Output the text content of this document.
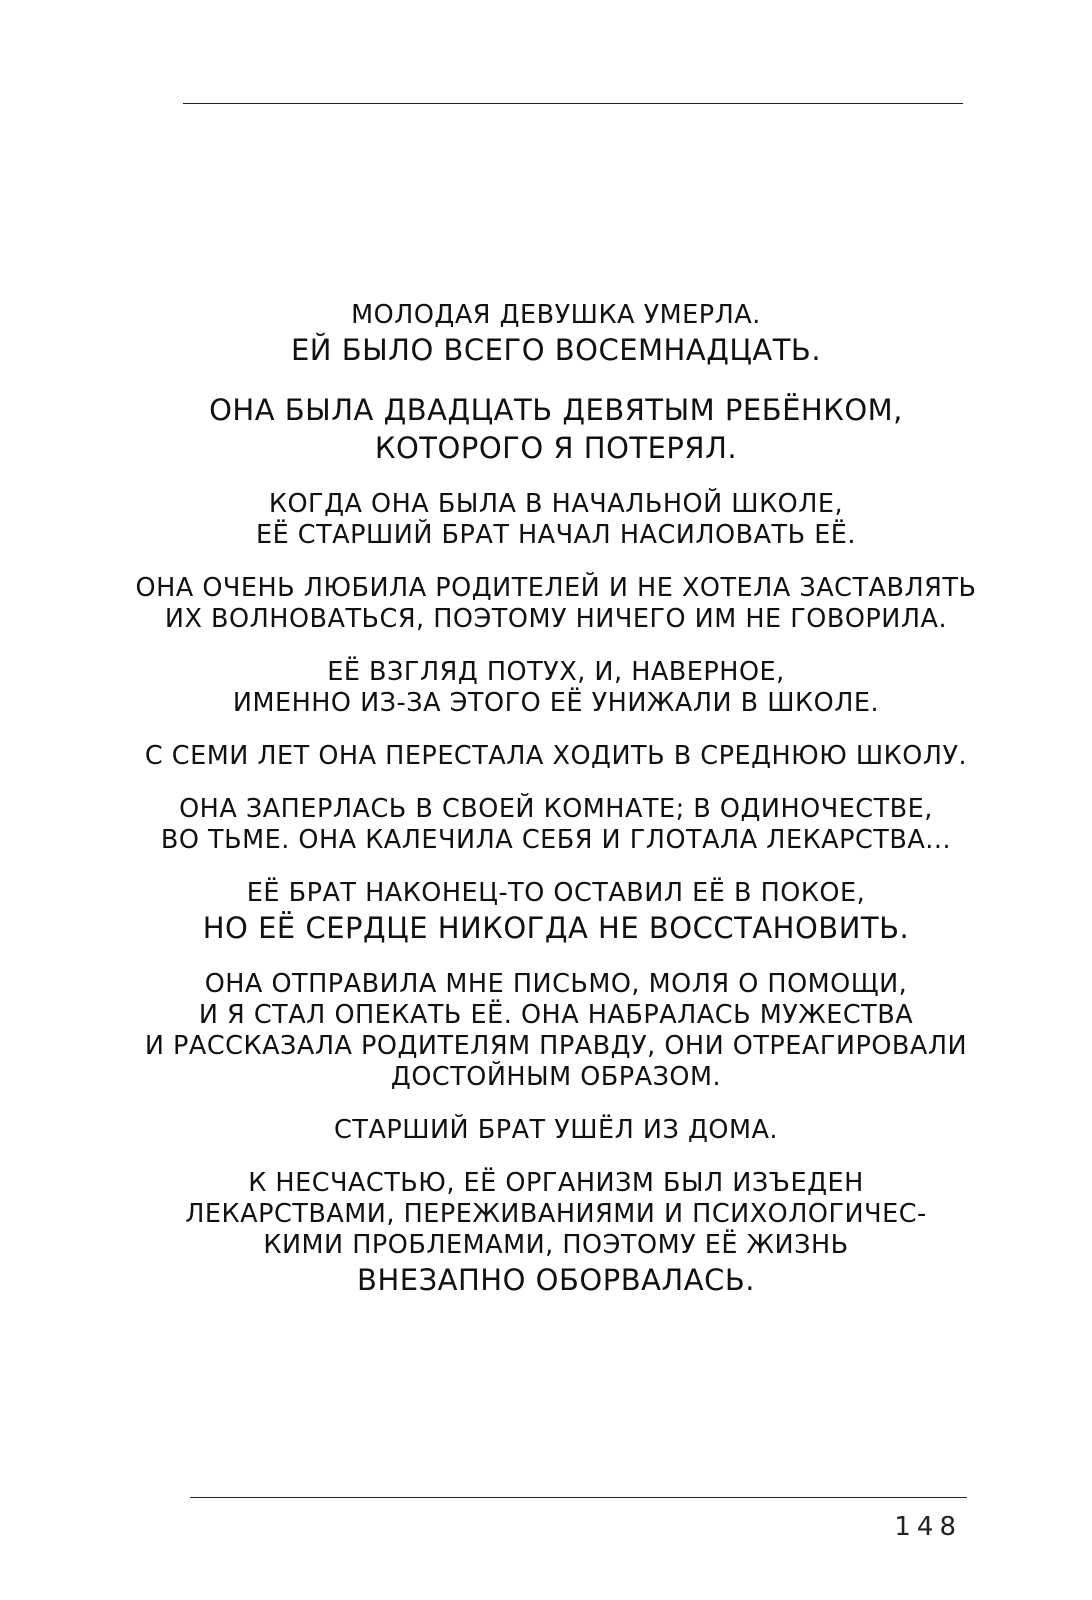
МОЛОДАЯ ДЕВУШКА УМЕРЛА.
ЕЙ БЫЛО ВСЕГО ВОСЕМНАДЦАТЬ.

ОНА БЫЛА ДВАДЦАТЬ ДЕВЯТЫМ РЕБЁНКОМ,
КОТОРОГО Я ПОТЕРЯЛ.

КОГДА ОНА БЫЛА В НАЧАЛЬНОЙ ШКОЛЕ,
ЕЁ СТАРШИЙ БРАТ НАЧАЛ НАСИЛОВАТЬ ЕЁ.

ОНА ОЧЕНЬ ЛЮБИЛА РОДИТЕЛЕЙ И НЕ ХОТЕЛА ЗАСТАВЛЯТЬ
ИХ ВОЛНОВАТЬСЯ, ПОЭТОМУ НИЧЕГО ИМ НЕ ГОВОРИЛА.

ЕЁ ВЗГЛЯД ПОТУХ, И, НАВЕРНОЕ,
ИМЕННО ИЗ-ЗА ЭТОГО ЕЁ УНИЖАЛИ В ШКОЛЕ.

С СЕМИ ЛЕТ ОНА ПЕРЕСТАЛА ХОДИТЬ В СРЕДНЮЮ ШКОЛУ.

ОНА ЗАПЕРЛАСЬ В СВОЕЙ КОМНАТЕ; В ОДИНОЧЕСТВЕ,
ВО ТЬМЕ. ОНА КАЛЕЧИЛА СЕБЯ И ГЛОТАЛА ЛЕКАРСТВА...

ЕЁ БРАТ НАКОНЕЦ-ТО ОСТАВИЛ ЕЁ В ПОКОЕ,
НО ЕЁ СЕРДЦЕ НИКОГДА НЕ ВОССТАНОВИТЬ.

ОНА ОТПРАВИЛА МНЕ ПИСЬМО, МОЛЯ О ПОМОЩИ,
И Я СТАЛ ОПЕКАТЬ ЕЁ. ОНА НАБРАЛАСЬ МУЖЕСТВА
И РАССКАЗАЛА РОДИТЕЛЯМ ПРАВДУ, ОНИ ОТРЕАГИРОВАЛИ
ДОСТОЙНЫМ ОБРАЗОМ.

СТАРШИЙ БРАТ УШЁЛ ИЗ ДОМА.

К НЕСЧАСТЬЮ, ЕЁ ОРГАНИЗМ БЫЛ ИЗЪЕДЕН
ЛЕКАРСТВАМИ, ПЕРЕЖИВАНИЯМИ И ПСИХОЛОГИЧЕС-
КИМИ ПРОБЛЕМАМИ, ПОЭТОМУ ЕЁ ЖИЗНЬ
ВНЕЗАПНО ОБОРВАЛАСЬ.

148
